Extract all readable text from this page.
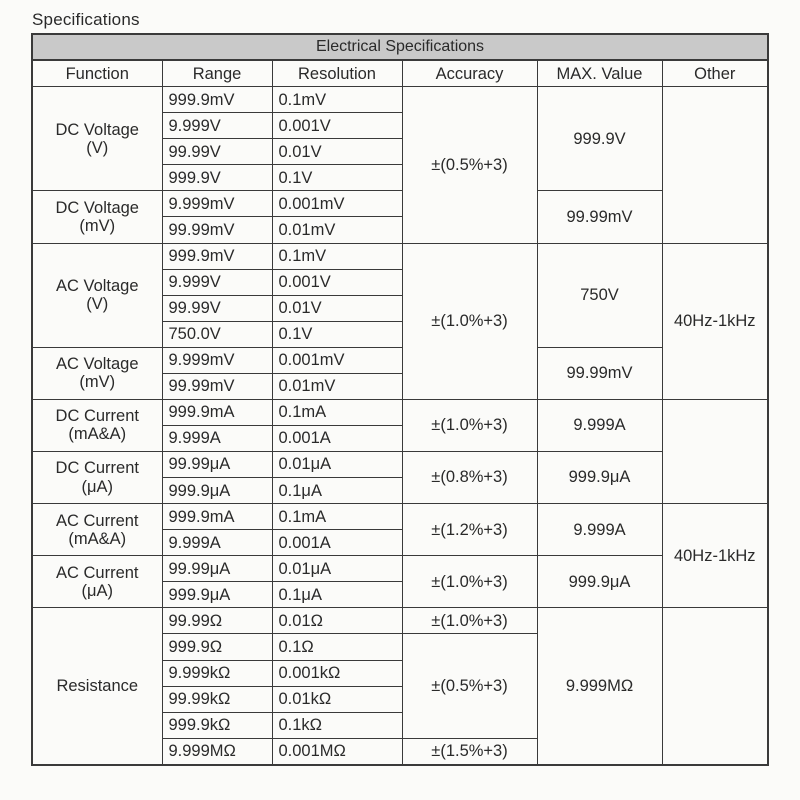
Specifications
Electrical Specifications					
Function	Range	Resolution	Accuracy	MAX. Value	Other

DC Voltage
(V)	999.9mV	0.1mV	±(0.5%+3)	999.9V	
	9.999V	0.001V			
	99.99V	0.01V			
	999.9V	0.1V			

DC Voltage
(mV)	9.999mV	0.001mV		99.99mV	
	99.99mV	0.01mV			

AC Voltage
(V)	999.9mV	0.1mV	±(1.0%+3)	750V	40Hz-1kHz
	9.999V	0.001V			
	99.99V	0.01V			
	750.0V	0.1V			

AC Voltage
(mV)	9.999mV	0.001mV		99.99mV	
	99.99mV	0.01mV			

DC Current
(mA&A)	999.9mA	0.1mA	±(1.0%+3)	9.999A	
	9.999A	0.001A			

DC Current
(μA)	99.99μA	0.01μA	±(0.8%+3)	999.9μA	
	999.9μA	0.1μA			

AC Current
(mA&A)	999.9mA	0.1mA	±(1.2%+3)	9.999A	40Hz-1kHz
	9.999A	0.001A			

AC Current
(μA)	99.99μA	0.01μA	±(1.0%+3)	999.9μA	
	999.9μA	0.1μA			
Resistance	99.99Ω	0.01Ω	±(1.0%+3)	9.999MΩ	
	999.9Ω	0.1Ω	±(0.5%+3)		
	9.999kΩ	0.001kΩ			
	99.99kΩ	0.01kΩ			
	999.9kΩ	0.1kΩ			
	9.999MΩ	0.001MΩ	±(1.5%+3)		
